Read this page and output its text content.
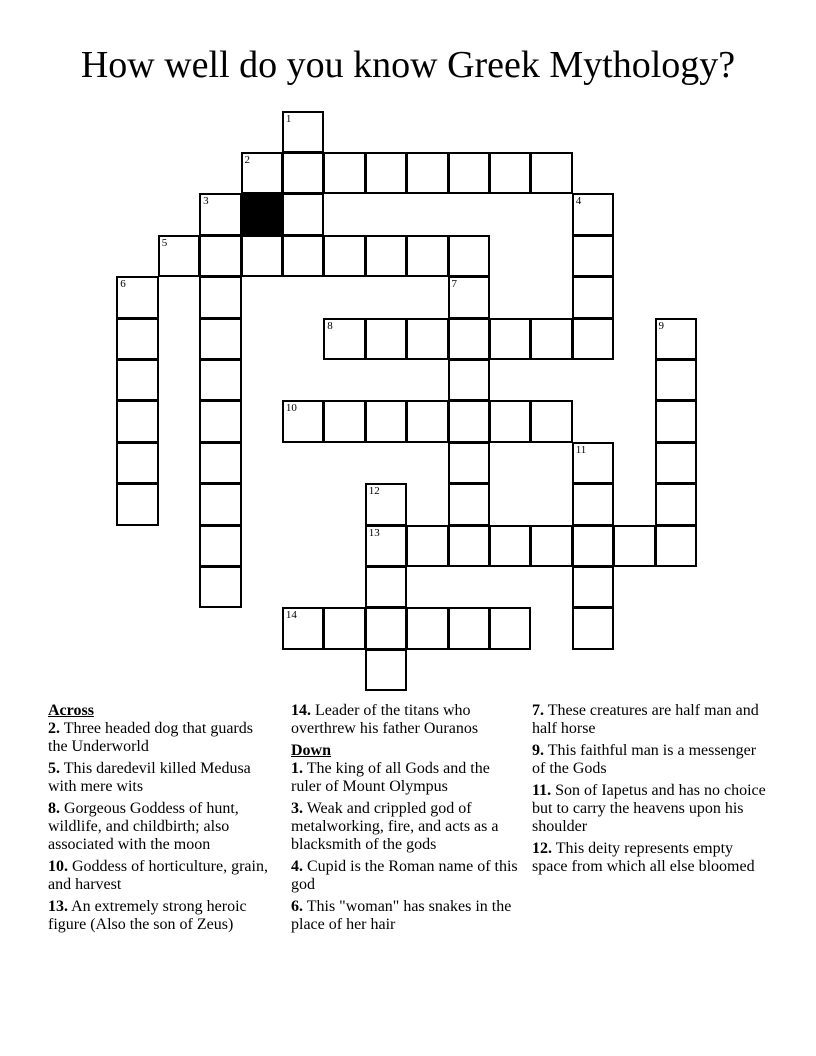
How well do you know Greek Mythology?
1
2
3	4
5
6	7
8	9
10
11
12
13
14
Across
2. Three headed dog that guards the Underworld
5. This daredevil killed Medusa with mere wits
8. Gorgeous Goddess of hunt, wildlife, and childbirth; also associated with the moon
10. Goddess of horticulture, grain, and harvest
13. An extremely strong heroic figure (Also the son of Zeus)
14. Leader of the titans who overthrew his father Ouranos
Down
1. The king of all Gods and the ruler of Mount Olympus
3. Weak and crippled god of metalworking, fire, and acts as a blacksmith of the gods
4. Cupid is the Roman name of this god
6. This "woman" has snakes in the place of her hair
7. These creatures are half man and half horse
9. This faithful man is a messenger of the Gods
11. Son of Iapetus and has no choice but to carry the heavens upon his shoulder
12. This deity represents empty space from which all else bloomed
